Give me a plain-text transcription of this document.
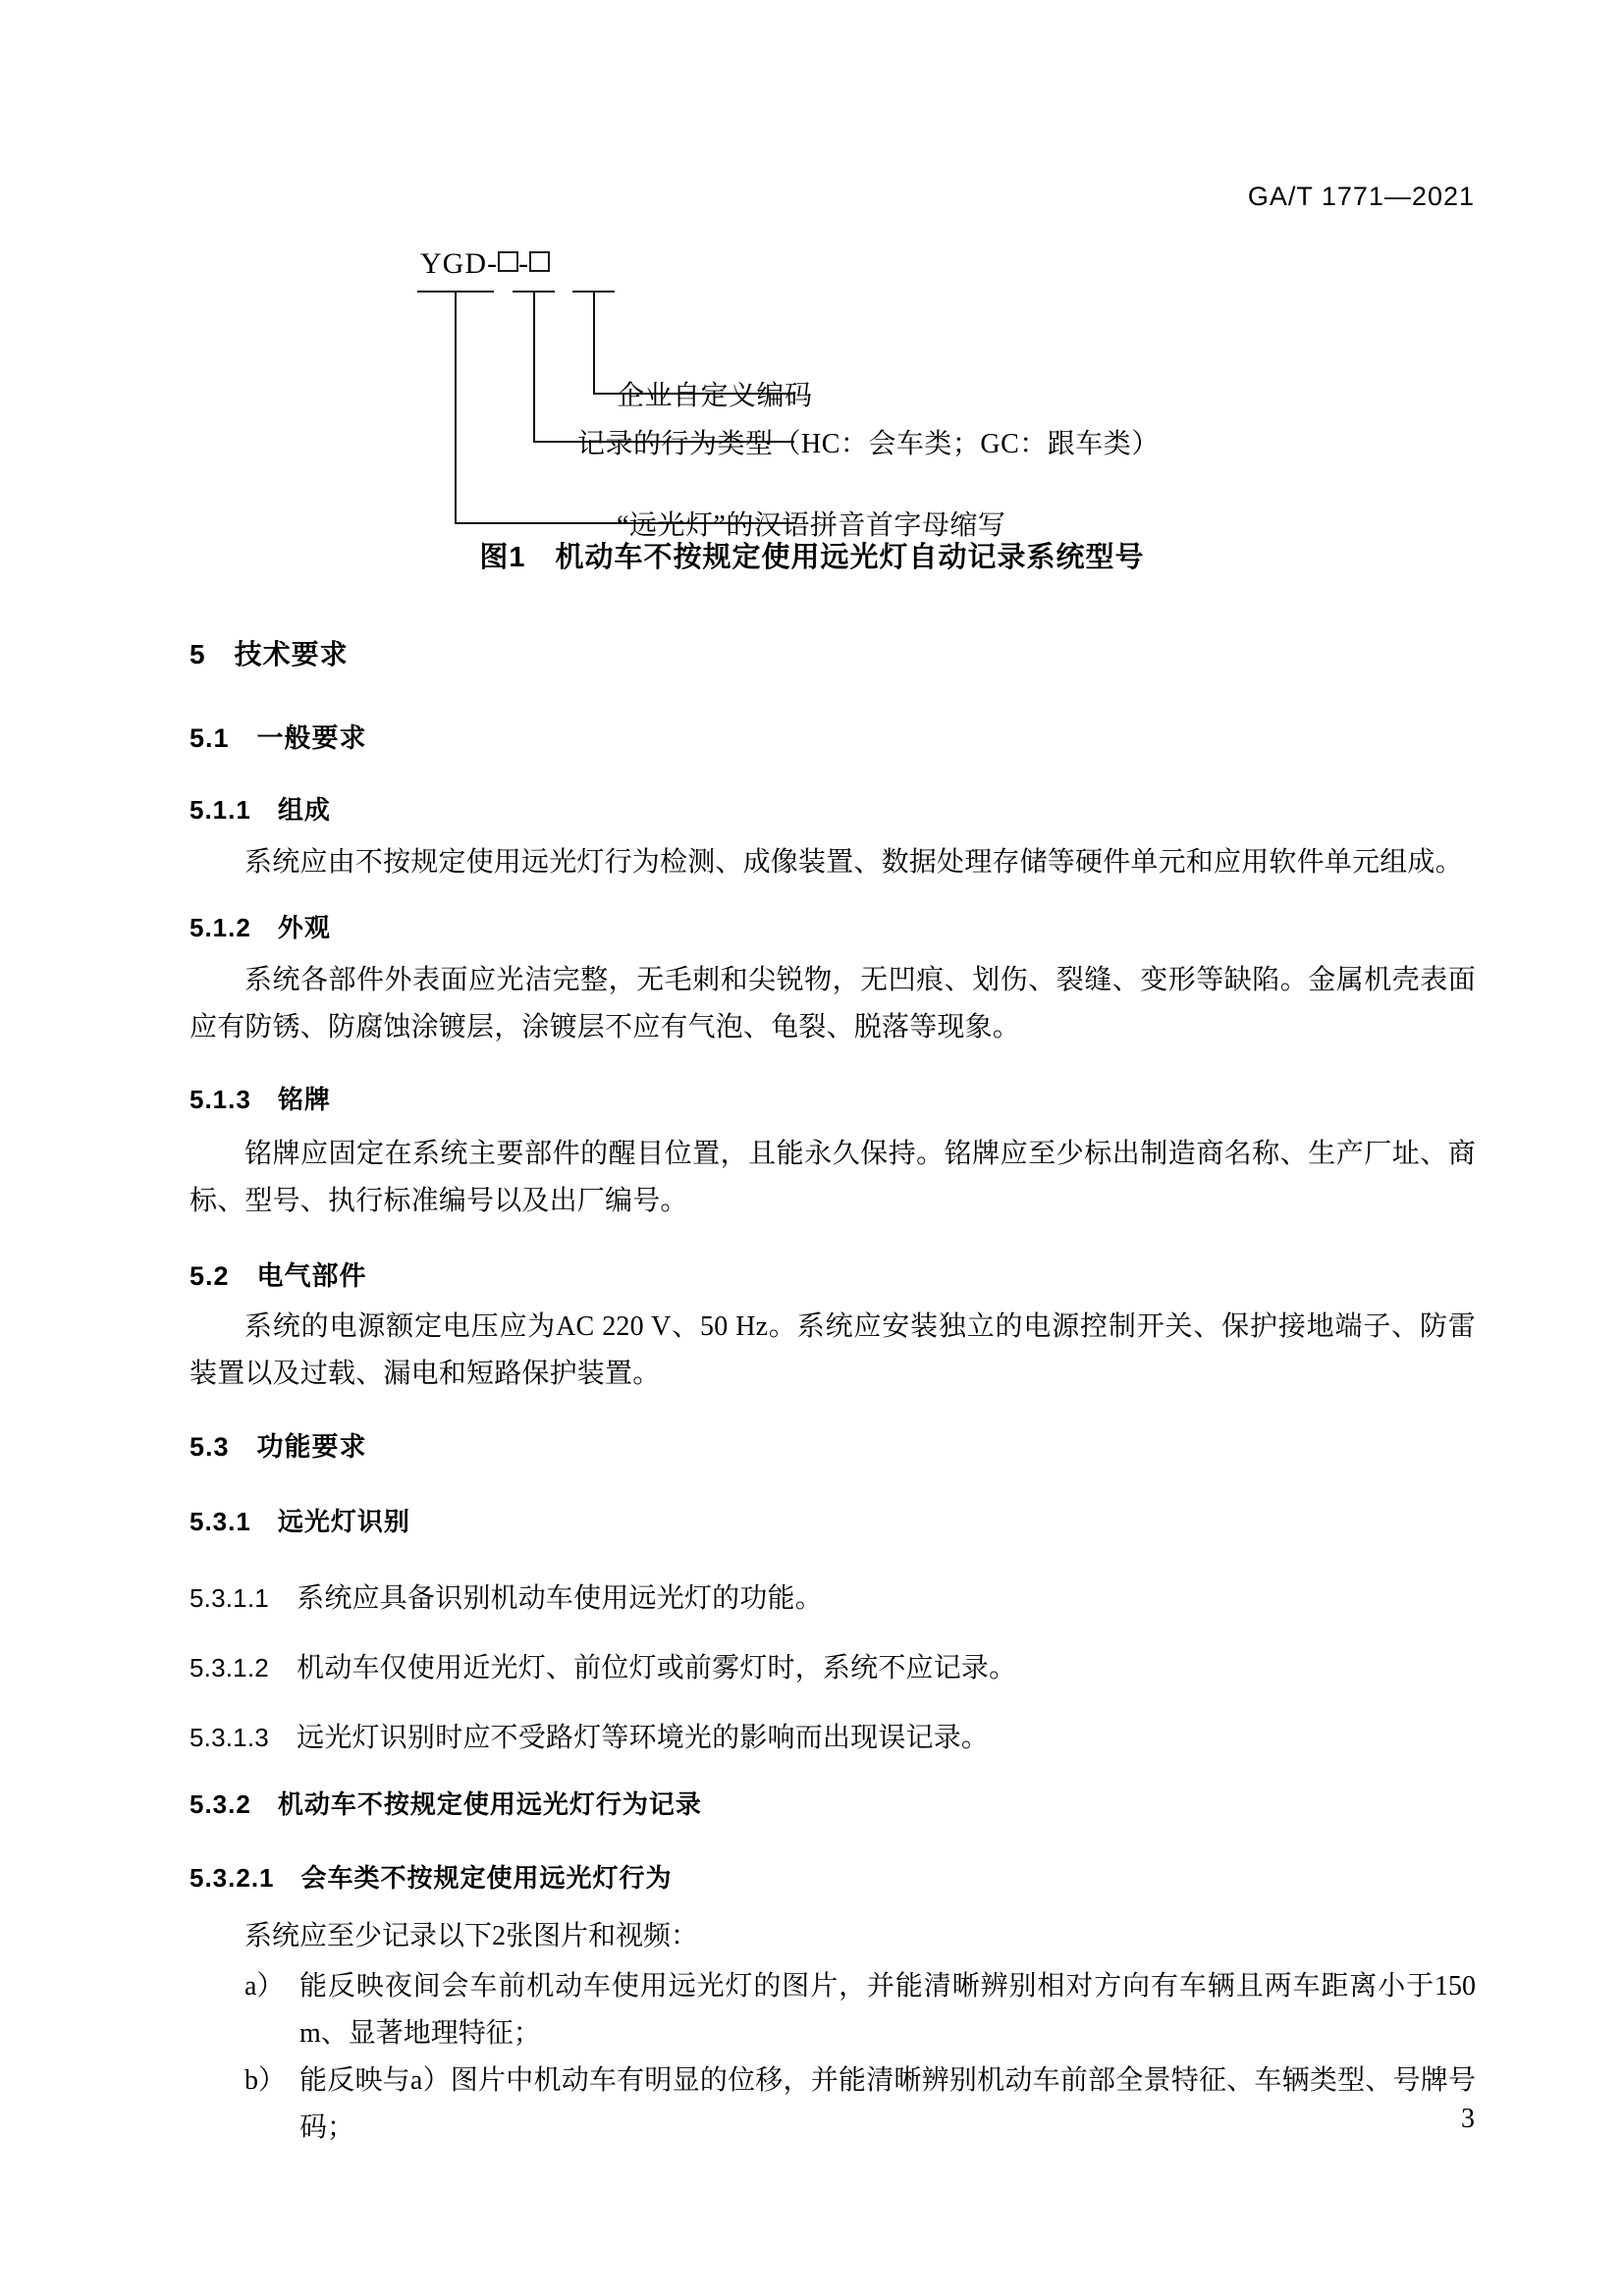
GA/T 1771—2021
YGD- -
企业自定义编码
记录的行为类型（HC：会车类；GC：跟车类）
“远光灯”的汉语拼音首字母缩写
图1　机动车不按规定使用远光灯自动记录系统型号
5　技术要求
5.1　一般要求
5.1.1　组成
系统应由不按规定使用远光灯行为检测、成像装置、数据处理存储等硬件单元和应用软件单元组成。
5.1.2　外观
系统各部件外表面应光洁完整，无毛刺和尖锐物，无凹痕、划伤、裂缝、变形等缺陷。金属机壳表面应有防锈、防腐蚀涂镀层，涂镀层不应有气泡、龟裂、脱落等现象。
5.1.3　铭牌
铭牌应固定在系统主要部件的醒目位置，且能永久保持。铭牌应至少标出制造商名称、生产厂址、商标、型号、执行标准编号以及出厂编号。
5.2　电气部件
系统的电源额定电压应为AC 220 V、50 Hz。系统应安装独立的电源控制开关、保护接地端子、防雷装置以及过载、漏电和短路保护装置。
5.3　功能要求
5.3.1　远光灯识别
5.3.1.1　 系统应具备识别机动车使用远光灯的功能。
5.3.1.2　 机动车仅使用近光灯、前位灯或前雾灯时，系统不应记录。
5.3.1.3　 远光灯识别时应不受路灯等环境光的影响而出现误记录。
5.3.2　机动车不按规定使用远光灯行为记录
5.3.2.1　会车类不按规定使用远光灯行为
系统应至少记录以下2张图片和视频：
a） 能反映夜间会车前机动车使用远光灯的图片，并能清晰辨别相对方向有车辆且两车距离小于150 m、显著地理特征；
b） 能反映与a）图片中机动车有明显的位移，并能清晰辨别机动车前部全景特征、车辆类型、号牌号码；	3
